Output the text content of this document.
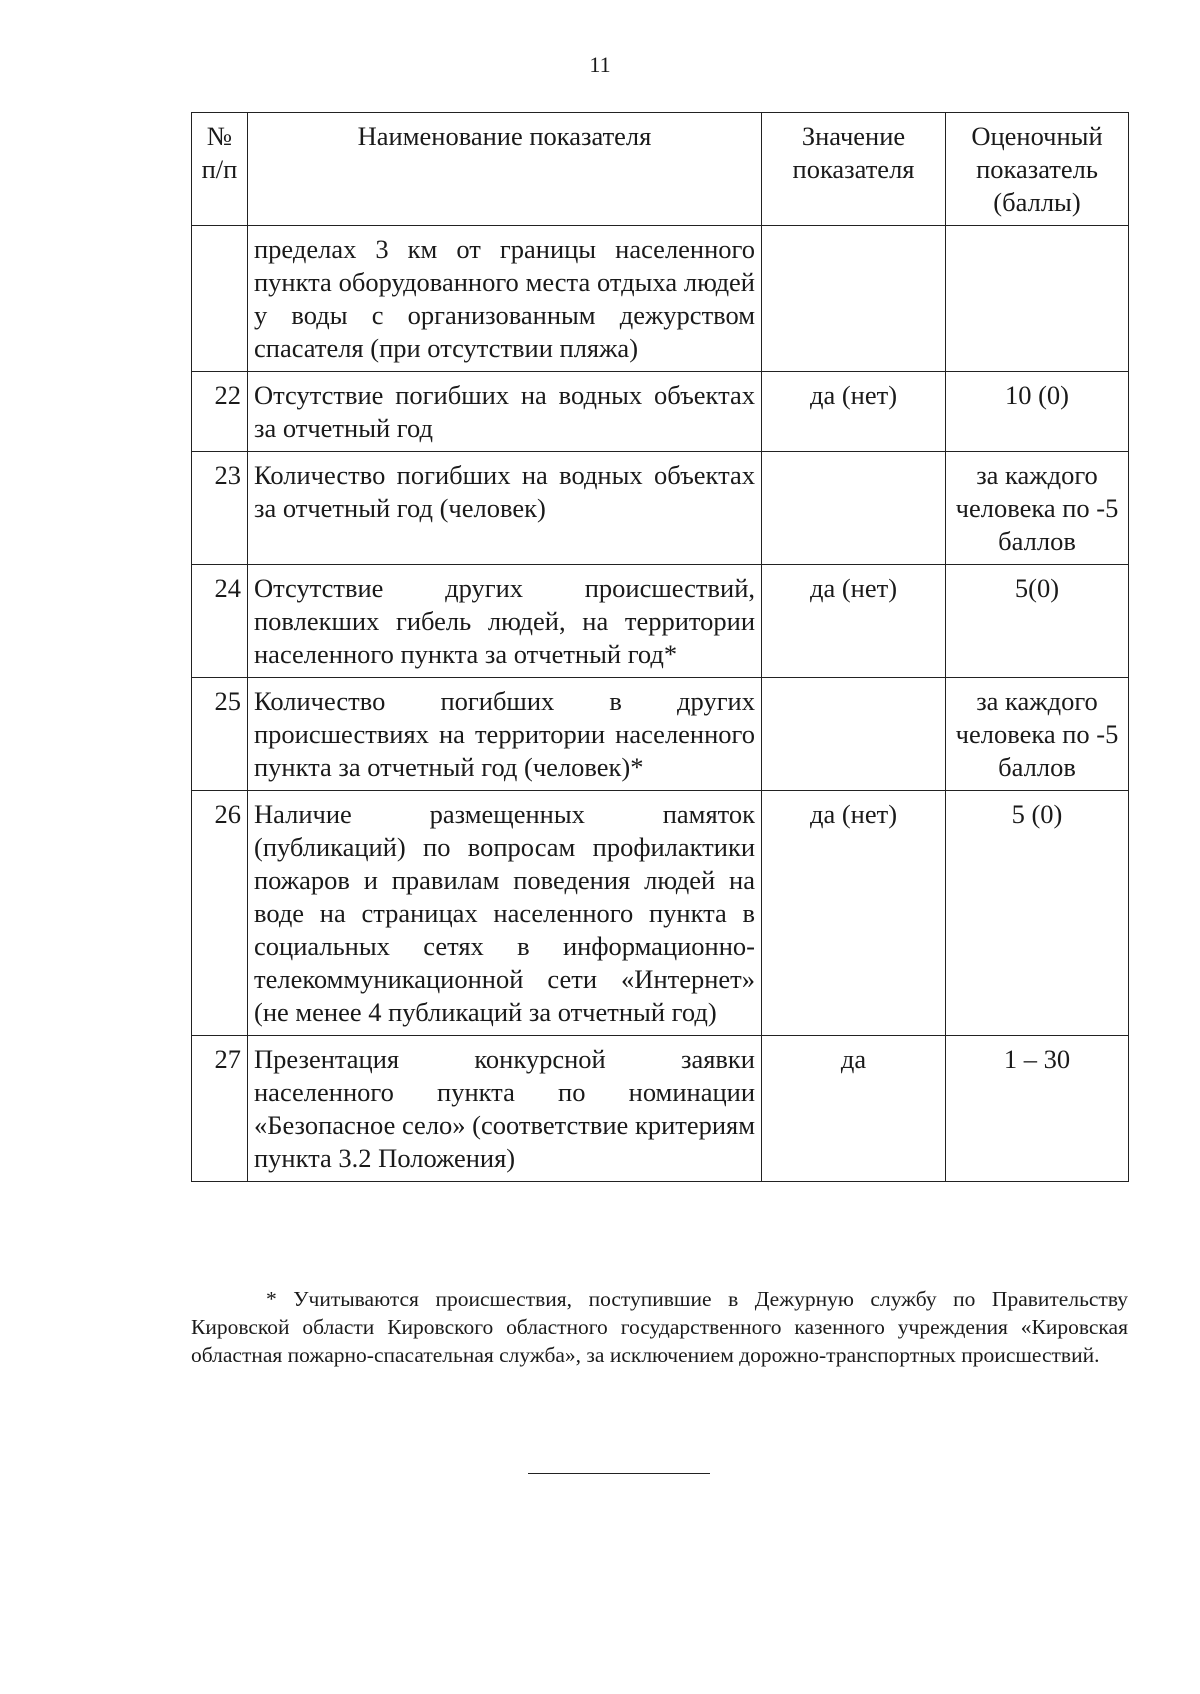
11
№ п/п	Наименование показателя	Значение показателя	Оценочный показатель (баллы)
	пределах 3 км от границы населенного пункта оборудованного места отдыха людей у воды с организованным дежурством спасателя (при отсутствии пляжа)		
22	Отсутствие погибших на водных объектах за отчетный год	да (нет)	10 (0)
23	Количество погибших на водных объектах за отчетный год (человек)		за каждого человека по -5 баллов
24	Отсутствие других происшествий, повлекших гибель людей, на территории населенного пункта за отчетный год*	да (нет)	5(0)
25	Количество погибших в других происшествиях на территории населенного пункта за отчетный год (человек)*		за каждого человека по -5 баллов
26	Наличие размещенных памяток (публикаций) по вопросам профилактики пожаров и правилам поведения людей на воде на страницах населенного пункта в социальных сетях в информационно-телекоммуникационной сети «Интернет» (не менее 4 публикаций за отчетный год)	да (нет)	5 (0)
27	Презентация конкурсной заявки населенного пункта по номинации «Безопасное село» (соответствие критериям пункта 3.2 Положения)	да	1 – 30

* Учитываются происшествия, поступившие в Дежурную службу по Правительству Кировской области Кировского областного государственного казенного учреждения «Кировская областная пожарно-спасательная служба», за исключением дорожно-транспортных происшествий.
